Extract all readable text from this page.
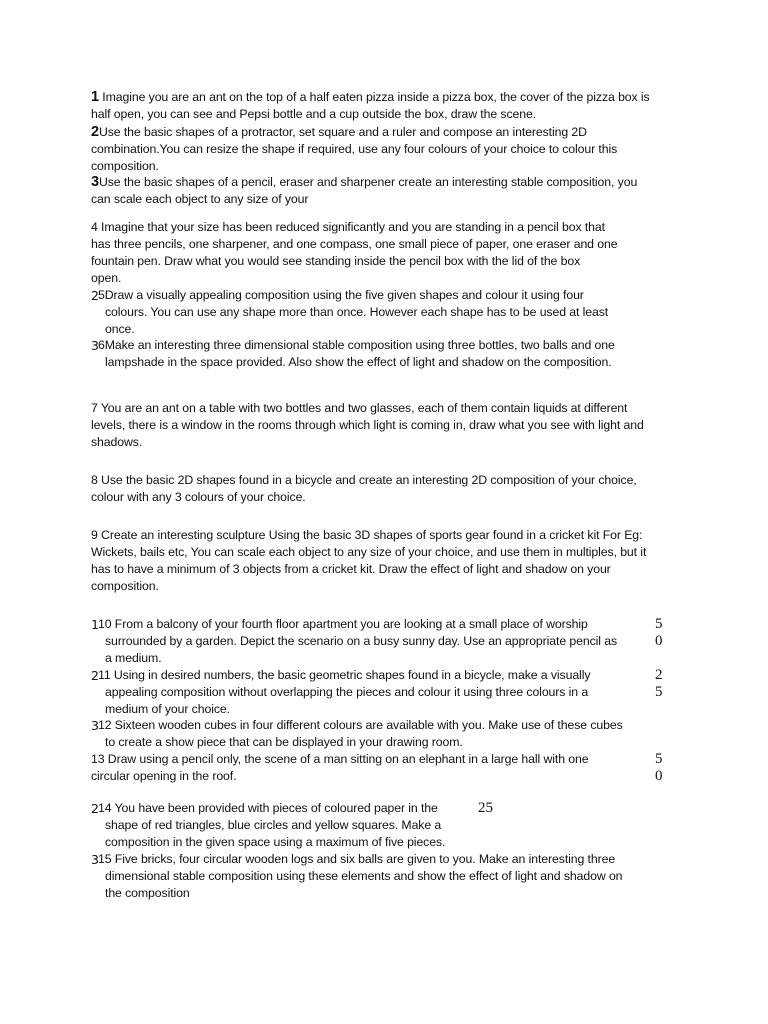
1 Imagine you are an ant on the top of a half eaten pizza inside a pizza box, the cover of the pizza box is
half open, you can see and Pepsi bottle and a cup outside the box, draw the scene.
2Use the basic shapes of a protractor, set square and a ruler and compose an interesting 2D
combination.You can resize the shape if required, use any four colours of your choice to colour this
composition.
3Use the basic shapes of a pencil, eraser and sharpener create an interesting stable composition, you
can scale each object to any size of your
4 Imagine that your size has been reduced significantly and you are standing in a pencil box that
has three pencils, one sharpener, and one compass, one small piece of paper, one eraser and one
fountain pen. Draw what you would see standing inside the pencil box with the lid of the box
open.
2 5Draw a visually appealing composition using the five given shapes and colour it using four
colours. You can use any shape more than once. However each shape has to be used at least
once.
3 6Make an interesting three dimensional stable composition using three bottles, two balls and one
lampshade in the space provided. Also show the effect of light and shadow on the composition.
7 You are an ant on a table with two bottles and two glasses, each of them contain liquids at different
levels, there is a window in the rooms through which light is coming in, draw what you see with light and
shadows.
8 Use the basic 2D shapes found in a bicycle and create an interesting 2D composition of your choice,
colour with any 3 colours of your choice.
9 Create an interesting sculpture Using the basic 3D shapes of sports gear found in a cricket kit For Eg:
Wickets, bails etc, You can scale each object to any size of your choice, and use them in multiples, but it
has to have a minimum of 3 objects from a cricket kit. Draw the effect of light and shadow on your
composition.
1 10 From a balcony of your fourth floor apartment you are looking at a small place of worship
surrounded by a garden. Depict the scenario on a busy sunny day. Use an appropriate pencil as
a medium.
5
0
2 11 Using in desired numbers, the basic geometric shapes found in a bicycle, make a visually
appealing composition without overlapping the pieces and colour it using three colours in a
medium of your choice.
2
5
3 12 Sixteen wooden cubes in four different colours are available with you. Make use of these cubes
to create a show piece that can be displayed in your drawing room.
13 Draw using a pencil only, the scene of a man sitting on an elephant in a large hall with one
circular opening in the roof.
5
0
2 14 You have been provided with pieces of coloured paper in the
shape of red triangles, blue circles and yellow squares. Make a
composition in the given space using a maximum of five pieces.
25
3 15 Five bricks, four circular wooden logs and six balls are given to you. Make an interesting three
dimensional stable composition using these elements and show the effect of light and shadow on
the composition
